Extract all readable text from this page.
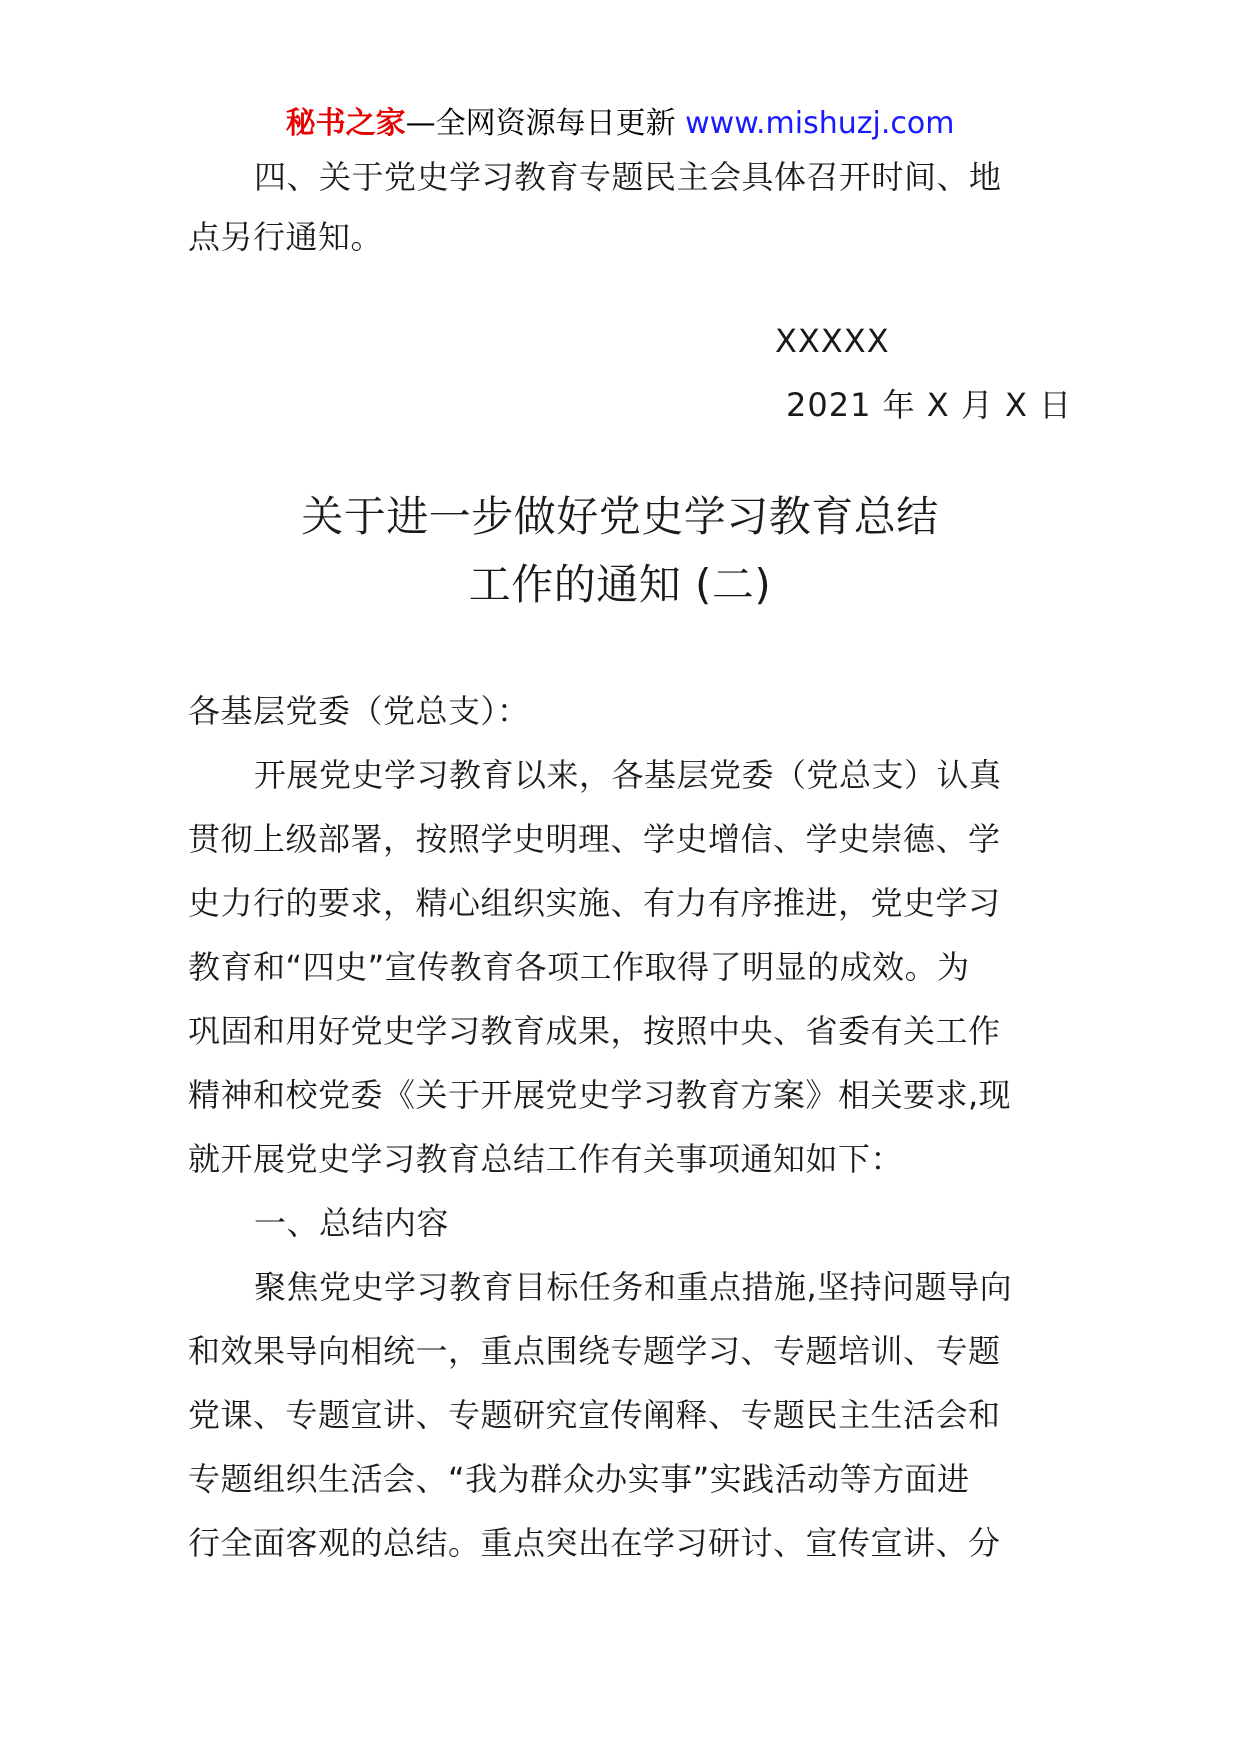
秘书之家—全网资源每日更新 www.mishuzj.com
四、关于党史学习教育专题民主会具体召开时间、地
点另行通知。
XXXXX
2021 年 X 月 X 日
关于进一步做好党史学习教育总结
工作的通知 (二)
各基层党委（党总支）：
开展党史学习教育以来，各基层党委（党总支）认真
贯彻上级部署，按照学史明理、学史增信、学史崇德、学
史力行的要求，精心组织实施、有力有序推进，党史学习
教育和“四史”宣传教育各项工作取得了明显的成效。为
巩固和用好党史学习教育成果，按照中央、省委有关工作
精神和校党委《关于开展党史学习教育方案》相关要求,现
就开展党史学习教育总结工作有关事项通知如下：
一、总结内容
聚焦党史学习教育目标任务和重点措施,坚持问题导向
和效果导向相统一，重点围绕专题学习、专题培训、专题
党课、专题宣讲、专题研究宣传阐释、专题民主生活会和
专题组织生活会、“我为群众办实事”实践活动等方面进
行全面客观的总结。重点突出在学习研讨、宣传宣讲、分
